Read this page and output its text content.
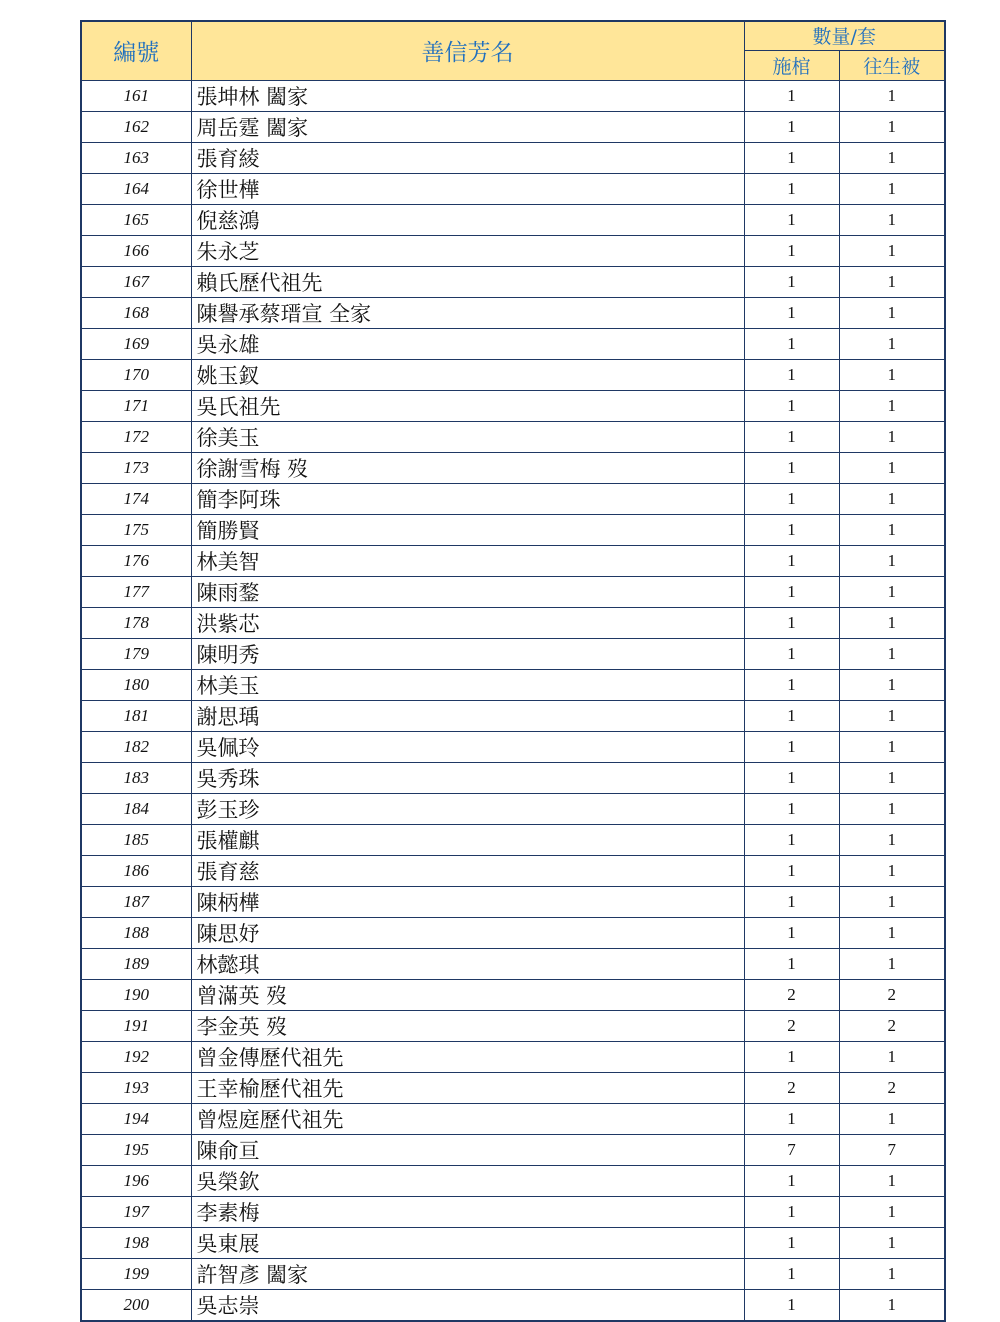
編號	善信芳名	數量/套	
		施棺	往生被
161	張坤林 闔家	1	1
162	周岳霆 闔家	1	1
163	張育綾	1	1
164	徐世樺	1	1
165	倪慈鴻	1	1
166	朱永芝	1	1
167	賴氏歷代祖先	1	1
168	陳譽承蔡瑨宣 全家	1	1
169	吳永雄	1	1
170	姚玉釵	1	1
171	吳氏祖先	1	1
172	徐美玉	1	1
173	徐謝雪梅 歿	1	1
174	簡李阿珠	1	1
175	簡勝賢	1	1
176	林美智	1	1
177	陳雨鍪	1	1
178	洪紫芯	1	1
179	陳明秀	1	1
180	林美玉	1	1
181	謝思瑀	1	1
182	吳佩玲	1	1
183	吳秀珠	1	1
184	彭玉珍	1	1
185	張權麒	1	1
186	張育慈	1	1
187	陳柄樺	1	1
188	陳思妤	1	1
189	林懿琪	1	1
190	曾滿英 歿	2	2
191	李金英 歿	2	2
192	曾金傳歷代祖先	1	1
193	王幸榆歷代祖先	2	2
194	曾煜庭歷代祖先	1	1
195	陳俞亘	7	7
196	吳榮欽	1	1
197	李素梅	1	1
198	吳東展	1	1
199	許智彥 闔家	1	1
200	吳志崇	1	1
